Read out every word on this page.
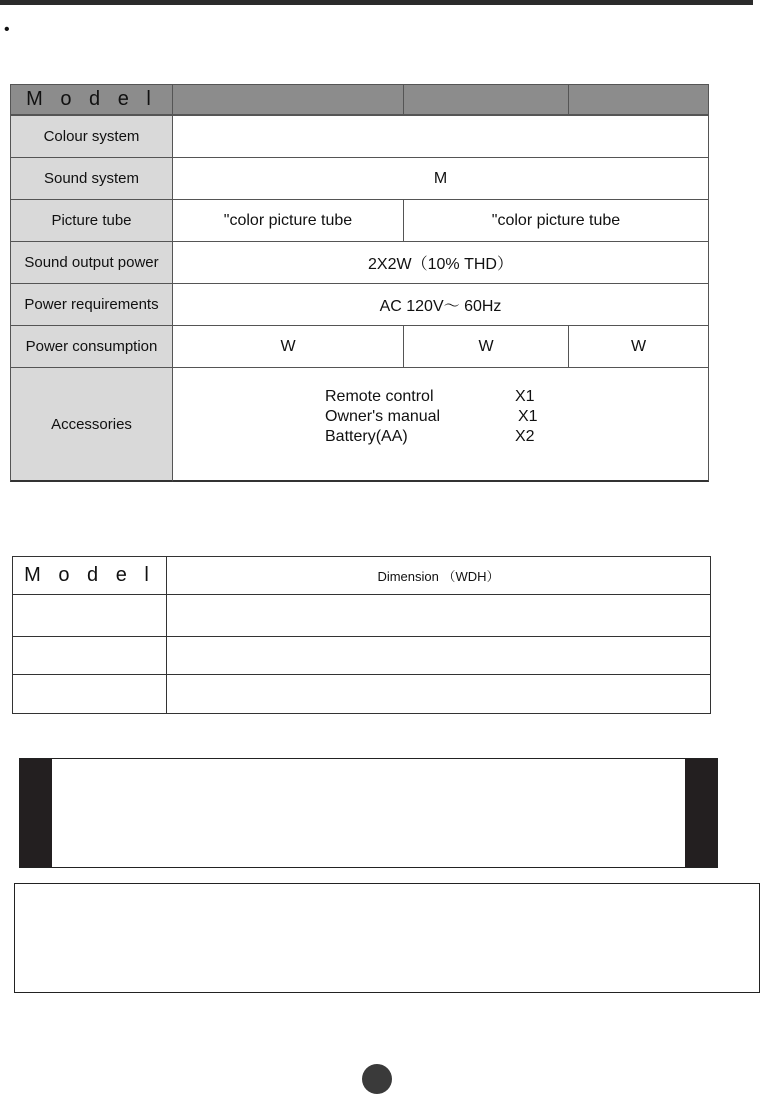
•
M o d e l
Colour system
Sound system	M
Picture tube	"color picture tube	"color picture tube
Sound output power	2X2W（10% THD）
Power requirements	AC 120V～ 60Hz
Power consumption	W	W	W
Accessories
Remote control	X1
Owner's manual	X1
Battery(AA)	X2
M o d e l	Dimension （WDH）
